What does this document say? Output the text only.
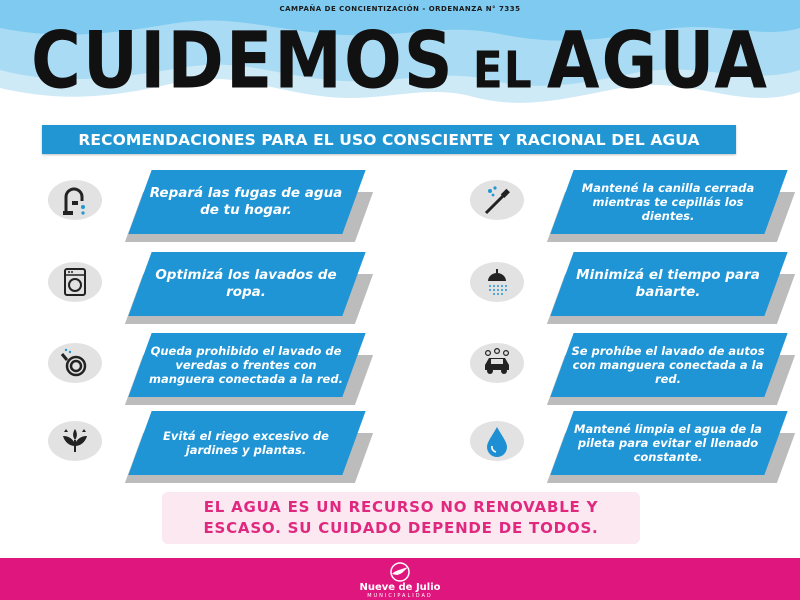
CAMPAÑA DE CONCIENTIZACIÓN - ORDENANZA N° 7335
CUIDEMOS EL AGUA
RECOMENDACIONES PARA EL USO CONSCIENTE Y RACIONAL DEL AGUA
Repará las fugas de agua de tu hogar.
Mantené la canilla cerrada mientras te cepillás los dientes.
Optimizá los lavados de ropa.
Minimizá el tiempo para bañarte.
Queda prohibido el lavado de veredas o frentes con manguera conectada a la red.
Se prohíbe el lavado de autos con manguera conectada a la red.
Evitá el riego excesivo de jardines y plantas.
Mantené limpia el agua de la pileta para evitar el llenado constante.
EL AGUA ES UN RECURSO NO RENOVABLE Y ESCASO. SU CUIDADO DEPENDE DE TODOS.
Nueve de Julio
MUNICIPALIDAD
